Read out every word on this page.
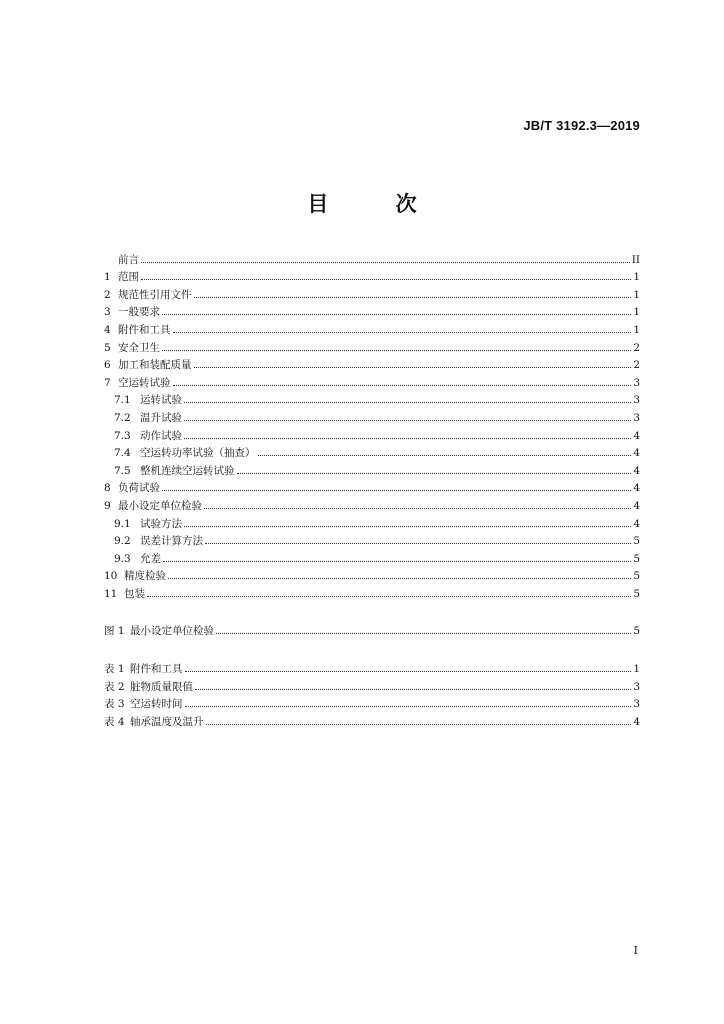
JB/T 3192.3—2019
目 次
前言	II
1 范围	1
2 规范性引用文件	1
3 一般要求	1
4 附件和工具	1
5 安全卫生	2
6 加工和装配质量	2
7 空运转试验	3
7.1 运转试验	3
7.2 温升试验	3
7.3 动作试验	4
7.4 空运转功率试验（抽查）	4
7.5 整机连续空运转试验	4
8 负荷试验	4
9 最小设定单位检验	4
9.1 试验方法	4
9.2 误差计算方法	5
9.3 允差	5
10 精度检验	5
11 包装	5
图 1 最小设定单位检验	5
表 1 附件和工具	1
表 2 脏物质量限值	3
表 3 空运转时间	3
表 4 轴承温度及温升	4
I
